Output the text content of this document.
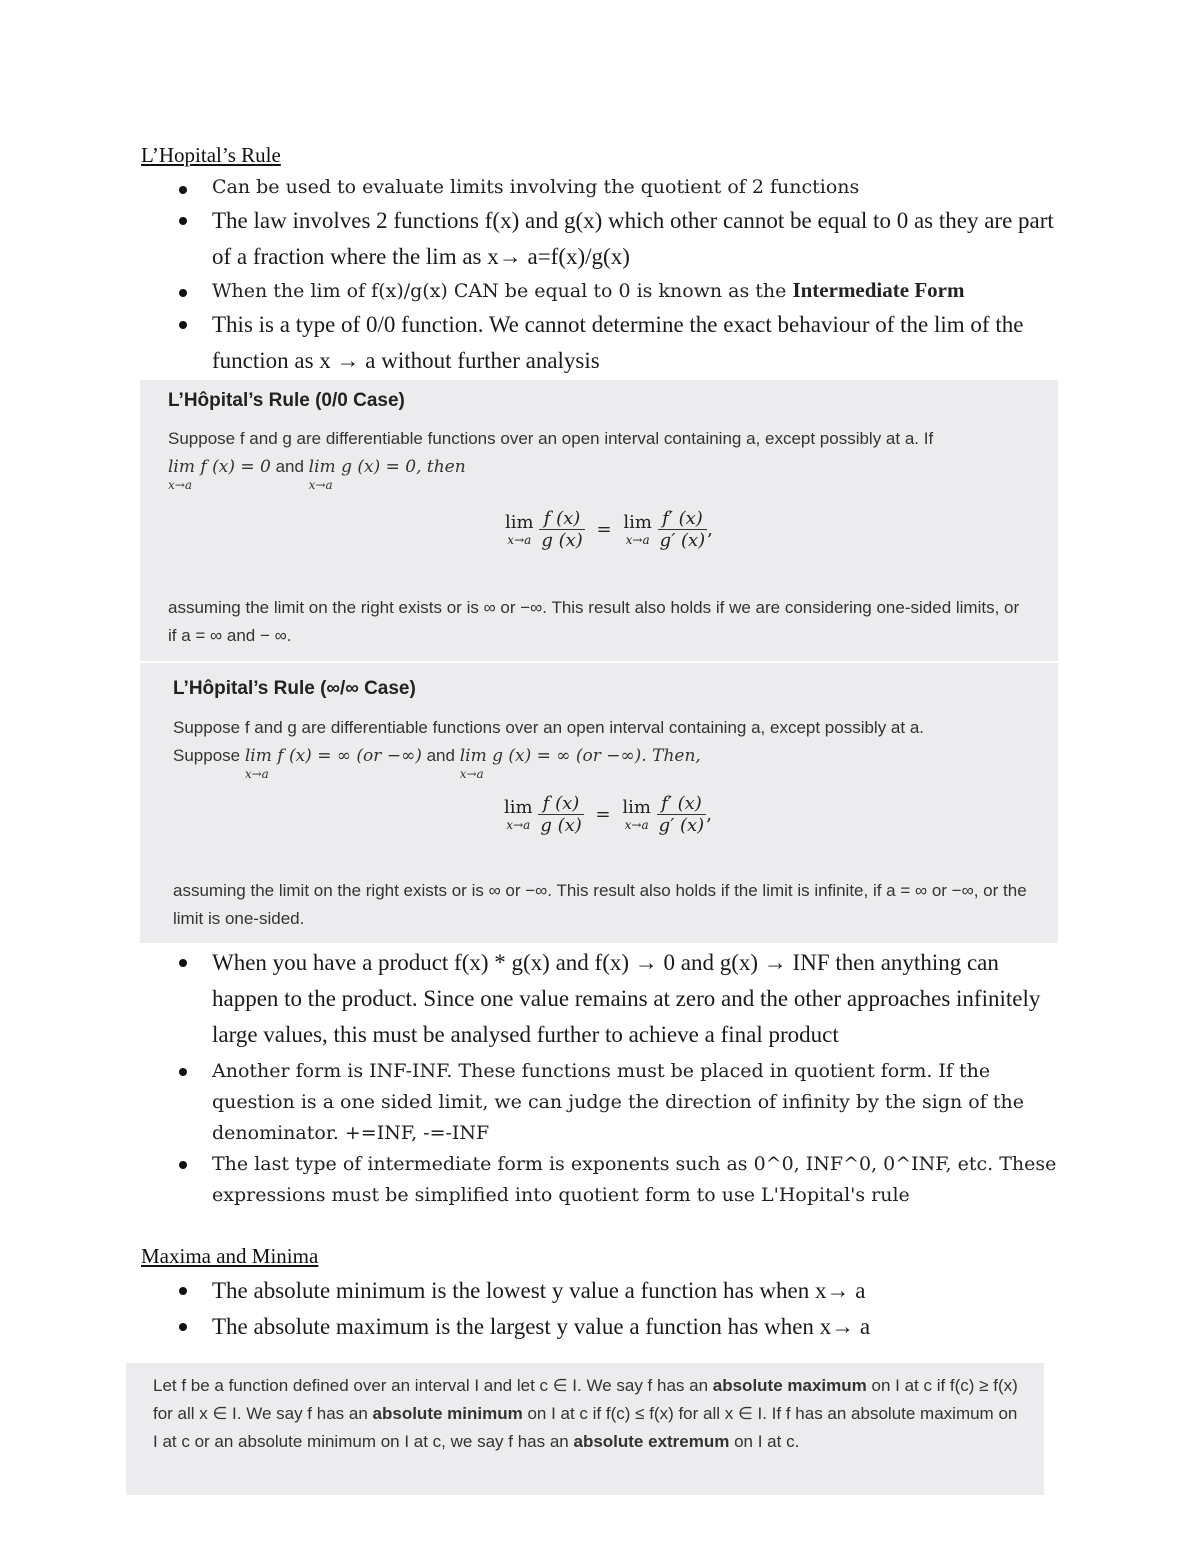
L’Hopital’s Rule
Can be used to evaluate limits involving the quotient of 2 functions
The law involves 2 functions f(x) and g(x) which other cannot be equal to 0 as they are part of a fraction where the lim as x→ a=f(x)/g(x)
When the lim of f(x)/g(x) CAN be equal to 0 is known as the Intermediate Form
This is a type of 0/0 function. We cannot determine the exact behaviour of the lim of the function as x → a without further analysis
L’Hôpital’s Rule (0/0 Case)
Suppose f and g are differentiable functions over an open interval containing a, except possibly at a. If
lim f (x) = 0
x→a
and lim g (x) = 0, then
x→a
lim
x→a
$\frac{f (x)}{g (x)} = \lim$
x→a
$\frac{f' (x)}{g' (x)}$ ,
assuming the limit on the right exists or is ∞ or −∞. This result also holds if we are considering one-sided limits, or if a = ∞ and − ∞.
L’Hôpital’s Rule (∞/∞ Case)
Suppose f and g are differentiable functions over an open interval containing a, except possibly at a.
Suppose lim f (x) = ∞ (or −∞)
x→a
and lim g (x) = ∞ (or −∞). Then,
x→a
lim
x→a
$\frac{f (x)}{g (x)} = \lim$
x→a
$\frac{f' (x)}{g' (x)}$ ,
assuming the limit on the right exists or is ∞ or −∞. This result also holds if the limit is infinite, if a = ∞ or −∞, or the limit is one-sided.
When you have a product f(x) * g(x) and f(x) → 0 and g(x) → INF then anything can happen to the product. Since one value remains at zero and the other approaches infinitely large values, this must be analysed further to achieve a final product
Another form is INF-INF. These functions must be placed in quotient form. If the question is a one sided limit, we can judge the direction of infinity by the sign of the denominator. +=INF, -=-INF
The last type of intermediate form is exponents such as 0^0, INF^0, 0^INF, etc. These expressions must be simplified into quotient form to use L'Hopital's rule
Maxima and Minima
The absolute minimum is the lowest y value a function has when x→ a
The absolute maximum is the largest y value a function has when x→ a
Let f be a function defined over an interval I and let c ∈ I. We say f has an absolute maximum on I at c if f(c) ≥ f(x) for all x ∈ I. We say f has an absolute minimum on I at c if f(c) ≤ f(x) for all x ∈ I. If f has an absolute maximum on I at c or an absolute minimum on I at c, we say f has an absolute extremum on I at c.
